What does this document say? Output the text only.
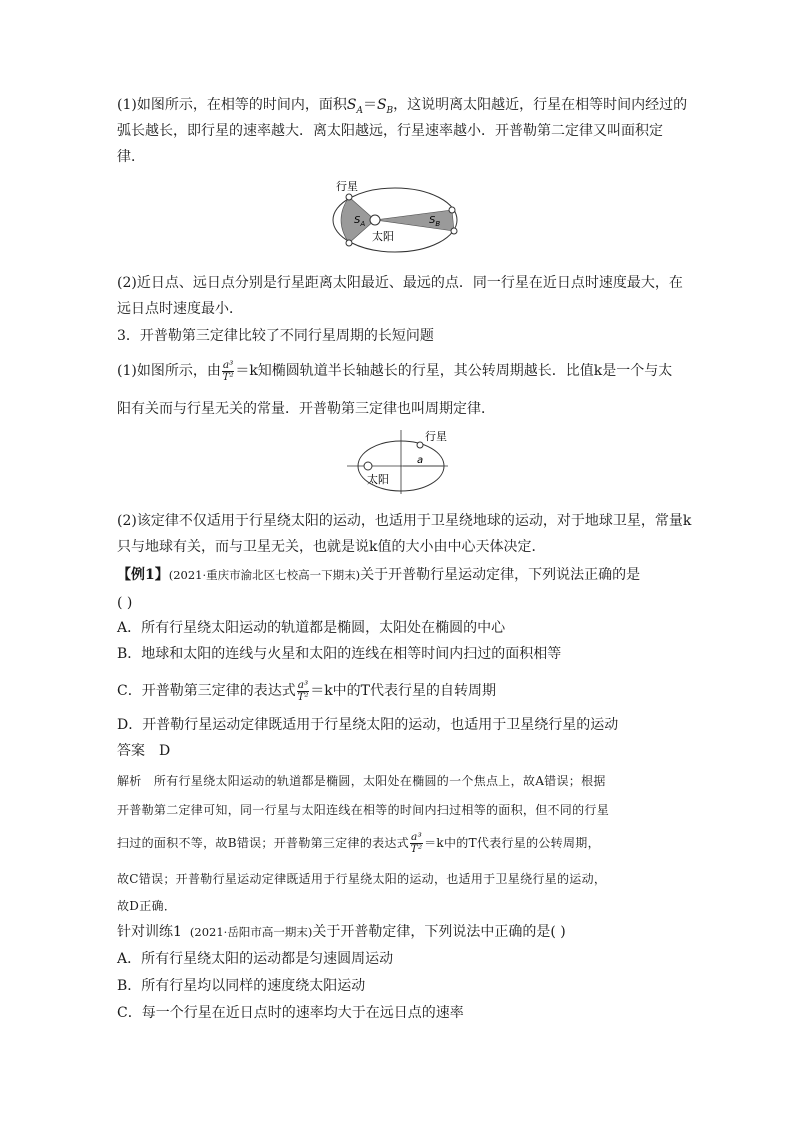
(1)如图所示，在相等的时间内，面积$S_A=S_B$，这说明离太阳越近，行星在相等时间内经过的
弧长越长，即行星的速率越大．离太阳越远，行星速率越小．开普勒第二定律又叫面积定
律．
行星
$S_A$	$S_B$
太阳
(2)近日点、远日点分别是行星距离太阳最近、最远的点．同一行星在近日点时速度最大，在
远日点时速度最小．
3．开普勒第三定律比较了不同行星周期的长短问题
(1)如图所示，由 $\frac{\text{a³}}{\text{T²}} =k$知椭圆轨道半长轴越长的行星，其公转周期越长．比值k是一个与太
阳有关而与行星无关的常量．开普勒第三定律也叫周期定律．
行星
a
太阳
(2)该定律不仅适用于行星绕太阳的运动，也适用于卫星绕地球的运动，对于地球卫星，常量k
只与地球有关，而与卫星无关，也就是说k值的大小由中心天体决定．
【例1】(2021·重庆市渝北区七校高一下期末)关于开普勒行星运动定律，下列说法正确的是
( )
A．所有行星绕太阳运动的轨道都是椭圆，太阳处在椭圆的中心
B．地球和太阳的连线与火星和太阳的连线在相等时间内扫过的面积相等
C．开普勒第三定律的表达式 $\frac{\text{a³}}{\text{T²}} =k$中的T代表行星的自转周期
D．开普勒行星运动定律既适用于行星绕太阳的运动，也适用于卫星绕行星的运动
答案　D
解析　所有行星绕太阳运动的轨道都是椭圆，太阳处在椭圆的一个焦点上，故A错误；根据
开普勒第二定律可知，同一行星与太阳连线在相等的时间内扫过相等的面积，但不同的行星
扫过的面积不等，故B错误；开普勒第三定律的表达式 $\frac{\text{a³}}{\text{T²}} =k$中的T代表行星的公转周期，
故C错误；开普勒行星运动定律既适用于行星绕太阳的运动，也适用于卫星绕行星的运动，
故D正确．
针对训练1 (2021·岳阳市高一期末)关于开普勒定律，下列说法中正确的是( )
A．所有行星绕太阳的运动都是匀速圆周运动
B．所有行星均以同样的速度绕太阳运动
C．每一个行星在近日点时的速率均大于在远日点的速率
